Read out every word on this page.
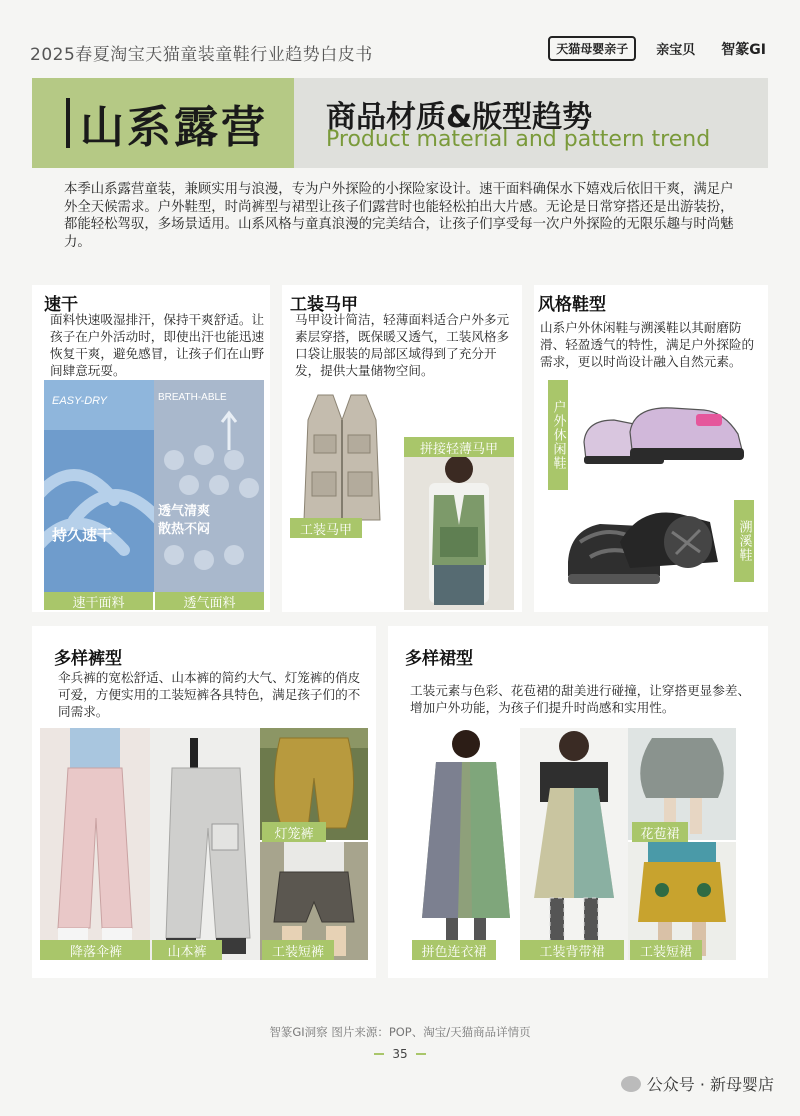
2025春夏淘宝天猫童装童鞋行业趋势白皮书	天猫母婴亲子	亲宝贝	智篆GI
山系露营 商品材质&版型趋势
Product material and pattern trend
本季山系露营童装，兼顾实用与浪漫，专为户外探险的小探险家设计。速干面料确保水下嬉戏后依旧干爽，满足户外全天候需求。户外鞋型，时尚裤型与裙型让孩子们露营时也能轻松拍出大片感。无论是日常穿搭还是出游装扮，都能轻松驾驭，多场景适用。山系风格与童真浪漫的完美结合，让孩子们享受每一次户外探险的无限乐趣与时尚魅力。
速干
面料快速吸湿排汗，保持干爽舒适。让孩子在户外活动时，即使出汗也能迅速恢复干爽，避免感冒，让孩子们在山野间肆意玩耍。
EASY-DRY
持久速干
BREATH-ABLE
透气清爽
散热不闷
速干面料	透气面料
工装马甲
马甲设计简洁，轻薄面料适合户外多元素层穿搭，既保暖又透气，工装风格多口袋让服装的局部区域得到了充分开发，提供大量储物空间。
工装马甲
拼接轻薄马甲
风格鞋型
山系户外休闲鞋与溯溪鞋以其耐磨防滑、轻盈透气的特性，满足户外探险的需求，更以时尚设计融入自然元素。
户外休闲鞋
溯溪鞋
多样裤型
伞兵裤的宽松舒适、山本裤的简约大气、灯笼裤的俏皮可爱，方便实用的工装短裤各具特色，满足孩子们的不同需求。
降落伞裤	山本裤
灯笼裤
工装短裤
多样裙型
工装元素与色彩、花苞裙的甜美进行碰撞，让穿搭更显参差、增加户外功能，为孩子们提升时尚感和实用性。
拼色连衣裙	工装背带裙
花苞裙
工装短裙
智篆GI洞察 图片来源：POP、淘宝/天猫商品详情页
35
公众号 · 新母婴店
